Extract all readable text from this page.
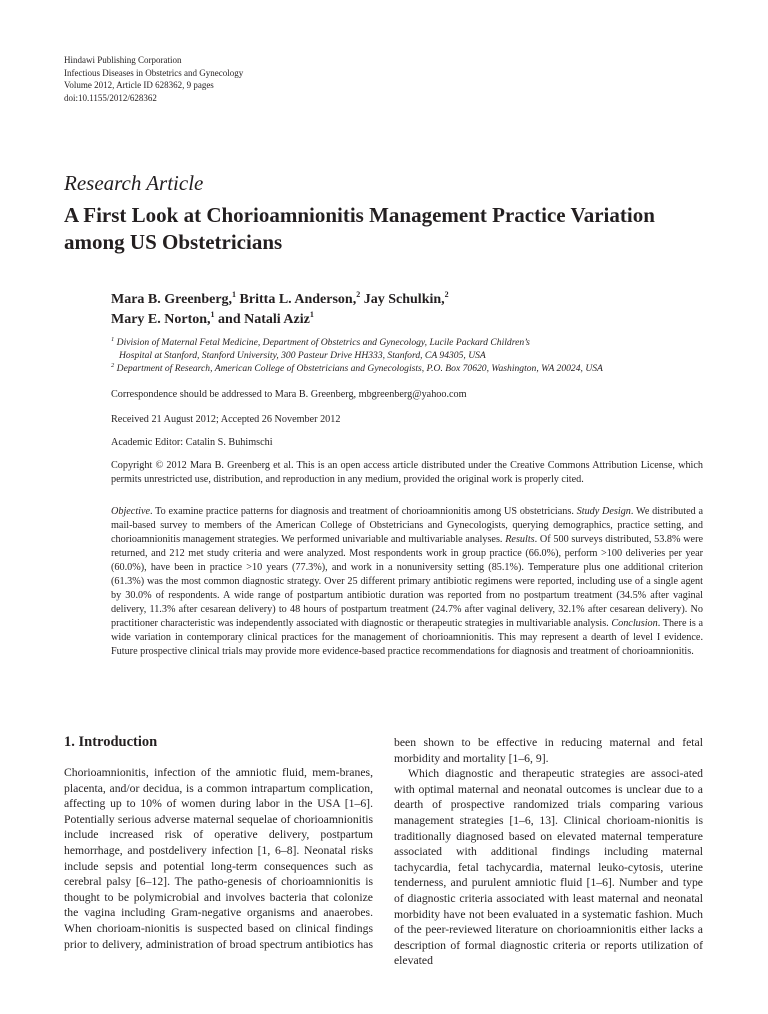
Hindawi Publishing Corporation
Infectious Diseases in Obstetrics and Gynecology
Volume 2012, Article ID 628362, 9 pages
doi:10.1155/2012/628362
Research Article
A First Look at Chorioamnionitis Management Practice Variation among US Obstetricians
Mara B. Greenberg,$^1$ Britta L. Anderson,$^2$ Jay Schulkin,$^2$
Mary E. Norton,$^1$ and Natali Aziz$^1$
$^1$ Division of Maternal Fetal Medicine, Department of Obstetrics and Gynecology, Lucile Packard Children’s
Hospital at Stanford, Stanford University, 300 Pasteur Drive HH333, Stanford, CA 94305, USA
$^2$ Department of Research, American College of Obstetricians and Gynecologists, P.O. Box 70620, Washington, WA 20024, USA
Correspondence should be addressed to Mara B. Greenberg, mbgreenberg@yahoo.com
Received 21 August 2012; Accepted 26 November 2012
Academic Editor: Catalin S. Buhimschi
Copyright © 2012 Mara B. Greenberg et al. This is an open access article distributed under the Creative Commons Attribution License, which permits unrestricted use, distribution, and reproduction in any medium, provided the original work is properly cited.
Objective. To examine practice patterns for diagnosis and treatment of chorioamnionitis among US obstetricians. Study Design. We distributed a mail-based survey to members of the American College of Obstetricians and Gynecologists, querying demographics, practice setting, and chorioamnionitis management strategies. We performed univariable and multivariable analyses. Results. Of 500 surveys distributed, 53.8% were returned, and 212 met study criteria and were analyzed. Most respondents work in group practice (66.0%), perform >100 deliveries per year (60.0%), have been in practice >10 years (77.3%), and work in a nonuniversity setting (85.1%). Temperature plus one additional criterion (61.3%) was the most common diagnostic strategy. Over 25 different primary antibiotic regimens were reported, including use of a single agent by 30.0% of respondents. A wide range of postpartum antibiotic duration was reported from no postpartum treatment (34.5% after vaginal delivery, 11.3% after cesarean delivery) to 48 hours of postpartum treatment (24.7% after vaginal delivery, 32.1% after cesarean delivery). No practitioner characteristic was independently associated with diagnostic or therapeutic strategies in multivariable analysis. Conclusion. There is a wide variation in contemporary clinical practices for the management of chorioamnionitis. This may represent a dearth of level I evidence. Future prospective clinical trials may provide more evidence-based practice recommendations for diagnosis and treatment of chorioamnionitis.
1. Introduction

Chorioamnionitis, infection of the amniotic fluid, mem-branes, placenta, and/or decidua, is a common intrapartum complication, affecting up to 10% of women during labor in the USA [1–6]. Potentially serious adverse maternal sequelae of chorioamnionitis include increased risk of operative delivery, postpartum hemorrhage, and postdelivery infection [1, 6–8]. Neonatal risks include sepsis and potential long-term consequences such as cerebral palsy [6–12]. The patho-genesis of chorioamnionitis is thought to be polymicrobial and involves bacteria that colonize the vagina including Gram-negative organisms and anaerobes. When chorioam-nionitis is suspected based on clinical findings prior to delivery, administration of broad spectrum antibiotics has

been shown to be effective in reducing maternal and fetal morbidity and mortality [1–6, 9].

Which diagnostic and therapeutic strategies are associ-ated with optimal maternal and neonatal outcomes is unclear due to a dearth of prospective randomized trials comparing various management strategies [1–6, 13]. Clinical chorioam-nionitis is traditionally diagnosed based on elevated maternal temperature associated with additional findings including maternal tachycardia, fetal tachycardia, maternal leuko-cytosis, uterine tenderness, and purulent amniotic fluid [1–6]. Number and type of diagnostic criteria associated with least maternal and neonatal morbidity have not been evaluated in a systematic fashion. Much of the peer-reviewed literature on chorioamnionitis either lacks a description of formal diagnostic criteria or reports utilization of elevated
